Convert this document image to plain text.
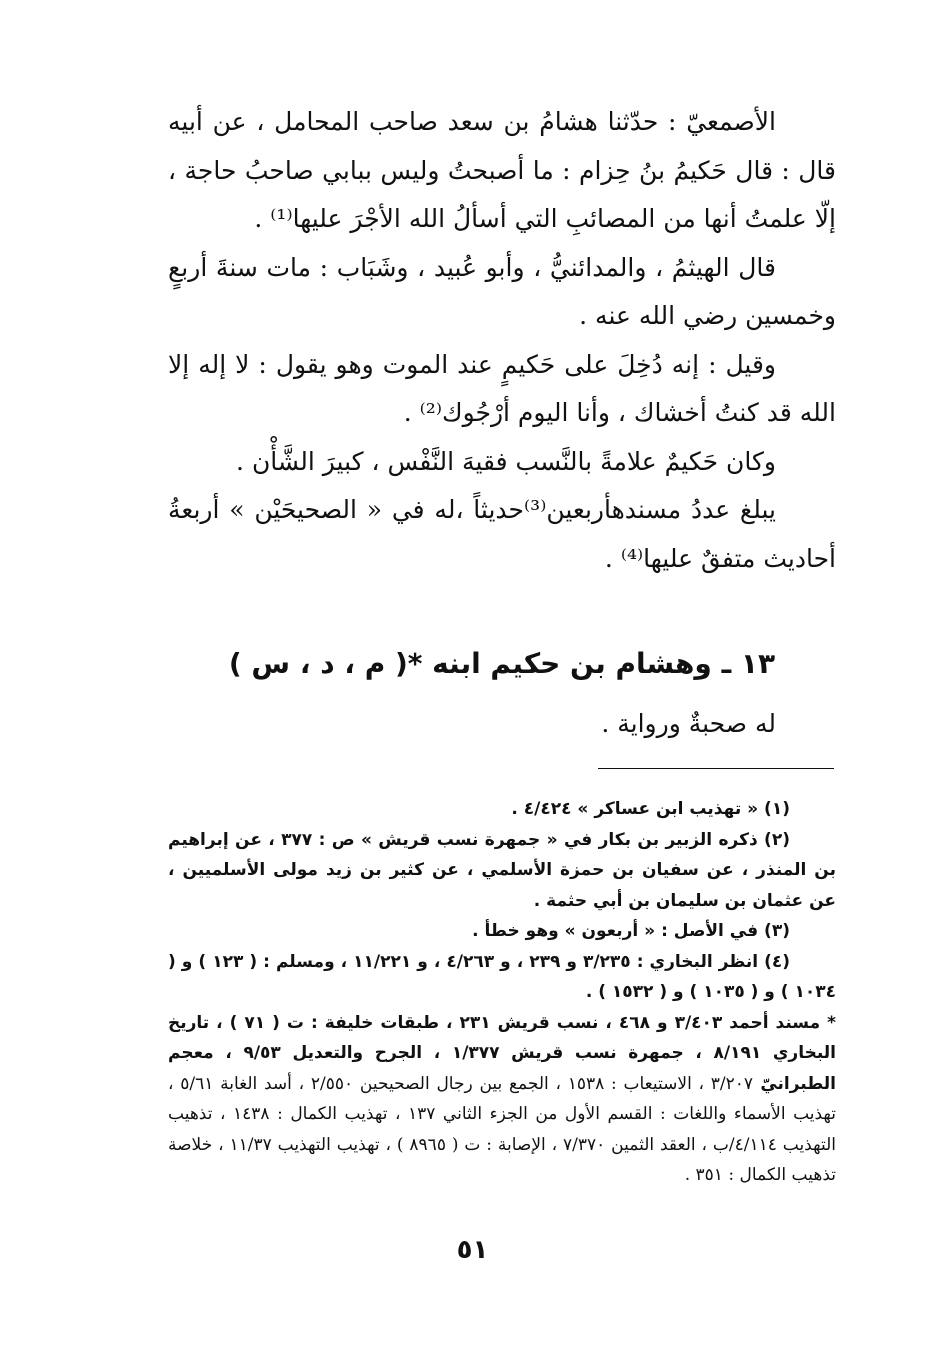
الأصمعيّ : حدّثنا هشامُ بن سعد صاحب المحامل ، عن أبيه قال : قال حَكيمُ بنُ حِزام : ما أصبحتُ وليس ببابي صاحبُ حاجة ، إلّا علمتُ أنها من المصائبِ التي أسألُ الله الأجْرَ عليها⁽¹⁾ .

قال الهيثمُ ، والمدائنيُّ ، وأبو عُبيد ، وشَبَاب : مات سنةَ أربعٍ وخمسين رضي الله عنه .

وقيل : إنه دُخِلَ على حَكيمٍ عند الموت وهو يقول : لا إله إلا الله قد كنتُ أخشاك ، وأنا اليوم أرْجُوك⁽²⁾ .

وكان حَكيمٌ علامةً بالنَّسب فقيهَ النَّفْس ، كبيرَ الشَّأْن .

يبلغ عددُ مسندهأربعين⁽³⁾حديثاً ،له في « الصحيحَيْن » أربعةُ أحاديث متفقٌ عليها⁽⁴⁾ .

١٣ ـ وهشام بن حكيم ابنه *( م ، د ، س )
له صحبةٌ ورواية .

(١) « تهذيب ابن عساكر » ٤/٤٢٤ .

(٢) ذكره الزبير بن بكار في « جمهرة نسب قريش » ص : ٣٧٧ ، عن إبراهيم بن المنذر ، عن سفيان بن حمزة الأسلمي ، عن كثير بن زيد مولى الأسلميين ، عن عثمان بن سليمان بن أبي حثمة .

(٣) في الأصل : « أربعون » وهو خطأ .

(٤) انظر البخاري : ٣/٢٣٥ و ٢٣٩ ، و ٤/٢٦٣ ، و ١١/٢٢١ ، ومسلم : ( ١٢٣ ) و ( ١٠٣٤ ) و ( ١٠٣٥ ) و ( ١٥٣٢ ) .

* مسند أحمد ٣/٤٠٣ و ٤٦٨ ، نسب قريش ٢٣١ ، طبقات خليفة : ت ( ٧١ ) ، تاريخ البخاري ٨/١٩١ ، جمهرة نسب قريش ١/٣٧٧ ، الجرح والتعديل ٩/٥٣ ، معجم الطبرانيّ ٣/٢٠٧ ، الاستيعاب : ١٥٣٨ ، الجمع بين رجال الصحيحين ٢/٥٥٠ ، أسد الغابة ٥/٦١ ، تهذيب الأسماء واللغات : القسم الأول من الجزء الثاني ١٣٧ ، تهذيب الكمال : ١٤٣٨ ، تذهيب التهذيب ٤/١١٤/ب ، العقد الثمين ٧/٣٧٠ ، الإصابة : ت ( ٨٩٦٥ ) ، تهذيب التهذيب ١١/٣٧ ، خلاصة تذهيب الكمال : ٣٥١ .

٥١
